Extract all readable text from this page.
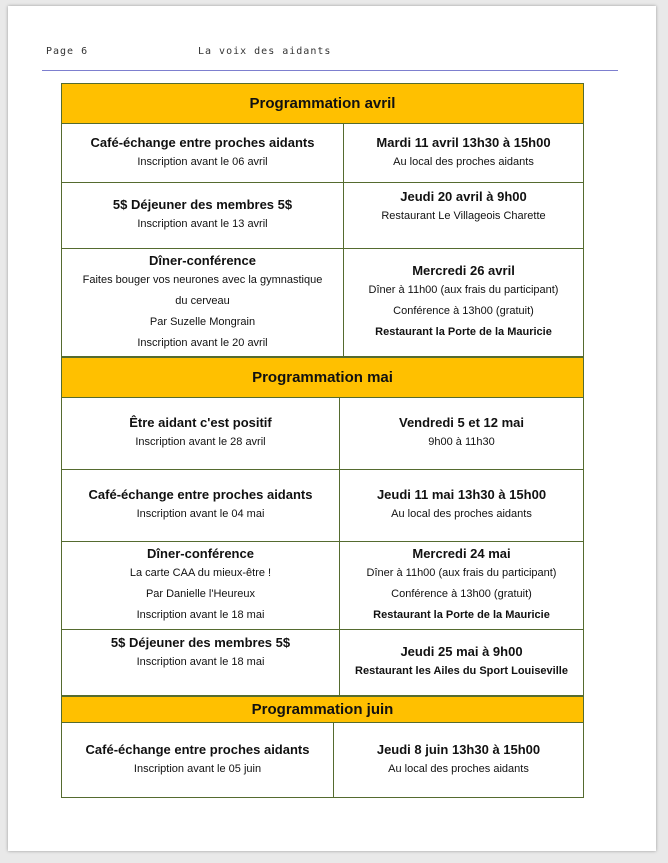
Page 6	La voix des aidants
Programmation avril
Café-échange entre proches aidants
Inscription avant le 06 avril
Mardi 11 avril 13h30 à 15h00
Au local des proches aidants
5$ Déjeuner des membres 5$
Inscription avant le 13 avril
Jeudi 20 avril à 9h00
Restaurant Le Villageois Charette
Dîner-conférence
Faites bouger vos neurones avec la gymnastique
du cerveau
Par Suzelle Mongrain
Inscription avant le 20 avril
Mercredi 26 avril
Dîner à 11h00 (aux frais du participant)
Conférence à 13h00 (gratuit)
Restaurant la Porte de la Mauricie
Programmation mai
Être aidant c'est positif
Inscription avant le 28 avril
Vendredi 5 et 12 mai
9h00 à 11h30
Café-échange entre proches aidants
Inscription avant le 04 mai
Jeudi 11 mai 13h30 à 15h00
Au local des proches aidants
Dîner-conférence
La carte CAA du mieux-être !
Par Danielle l'Heureux
Inscription avant le 18 mai
Mercredi 24 mai
Dîner à 11h00 (aux frais du participant)
Conférence à 13h00 (gratuit)
Restaurant la Porte de la Mauricie
5$ Déjeuner des membres 5$
Inscription avant le 18 mai
Jeudi 25 mai à 9h00
Restaurant les Ailes du Sport Louiseville
Programmation juin
Café-échange entre proches aidants
Inscription avant le 05 juin
Jeudi 8 juin 13h30 à 15h00
Au local des proches aidants
